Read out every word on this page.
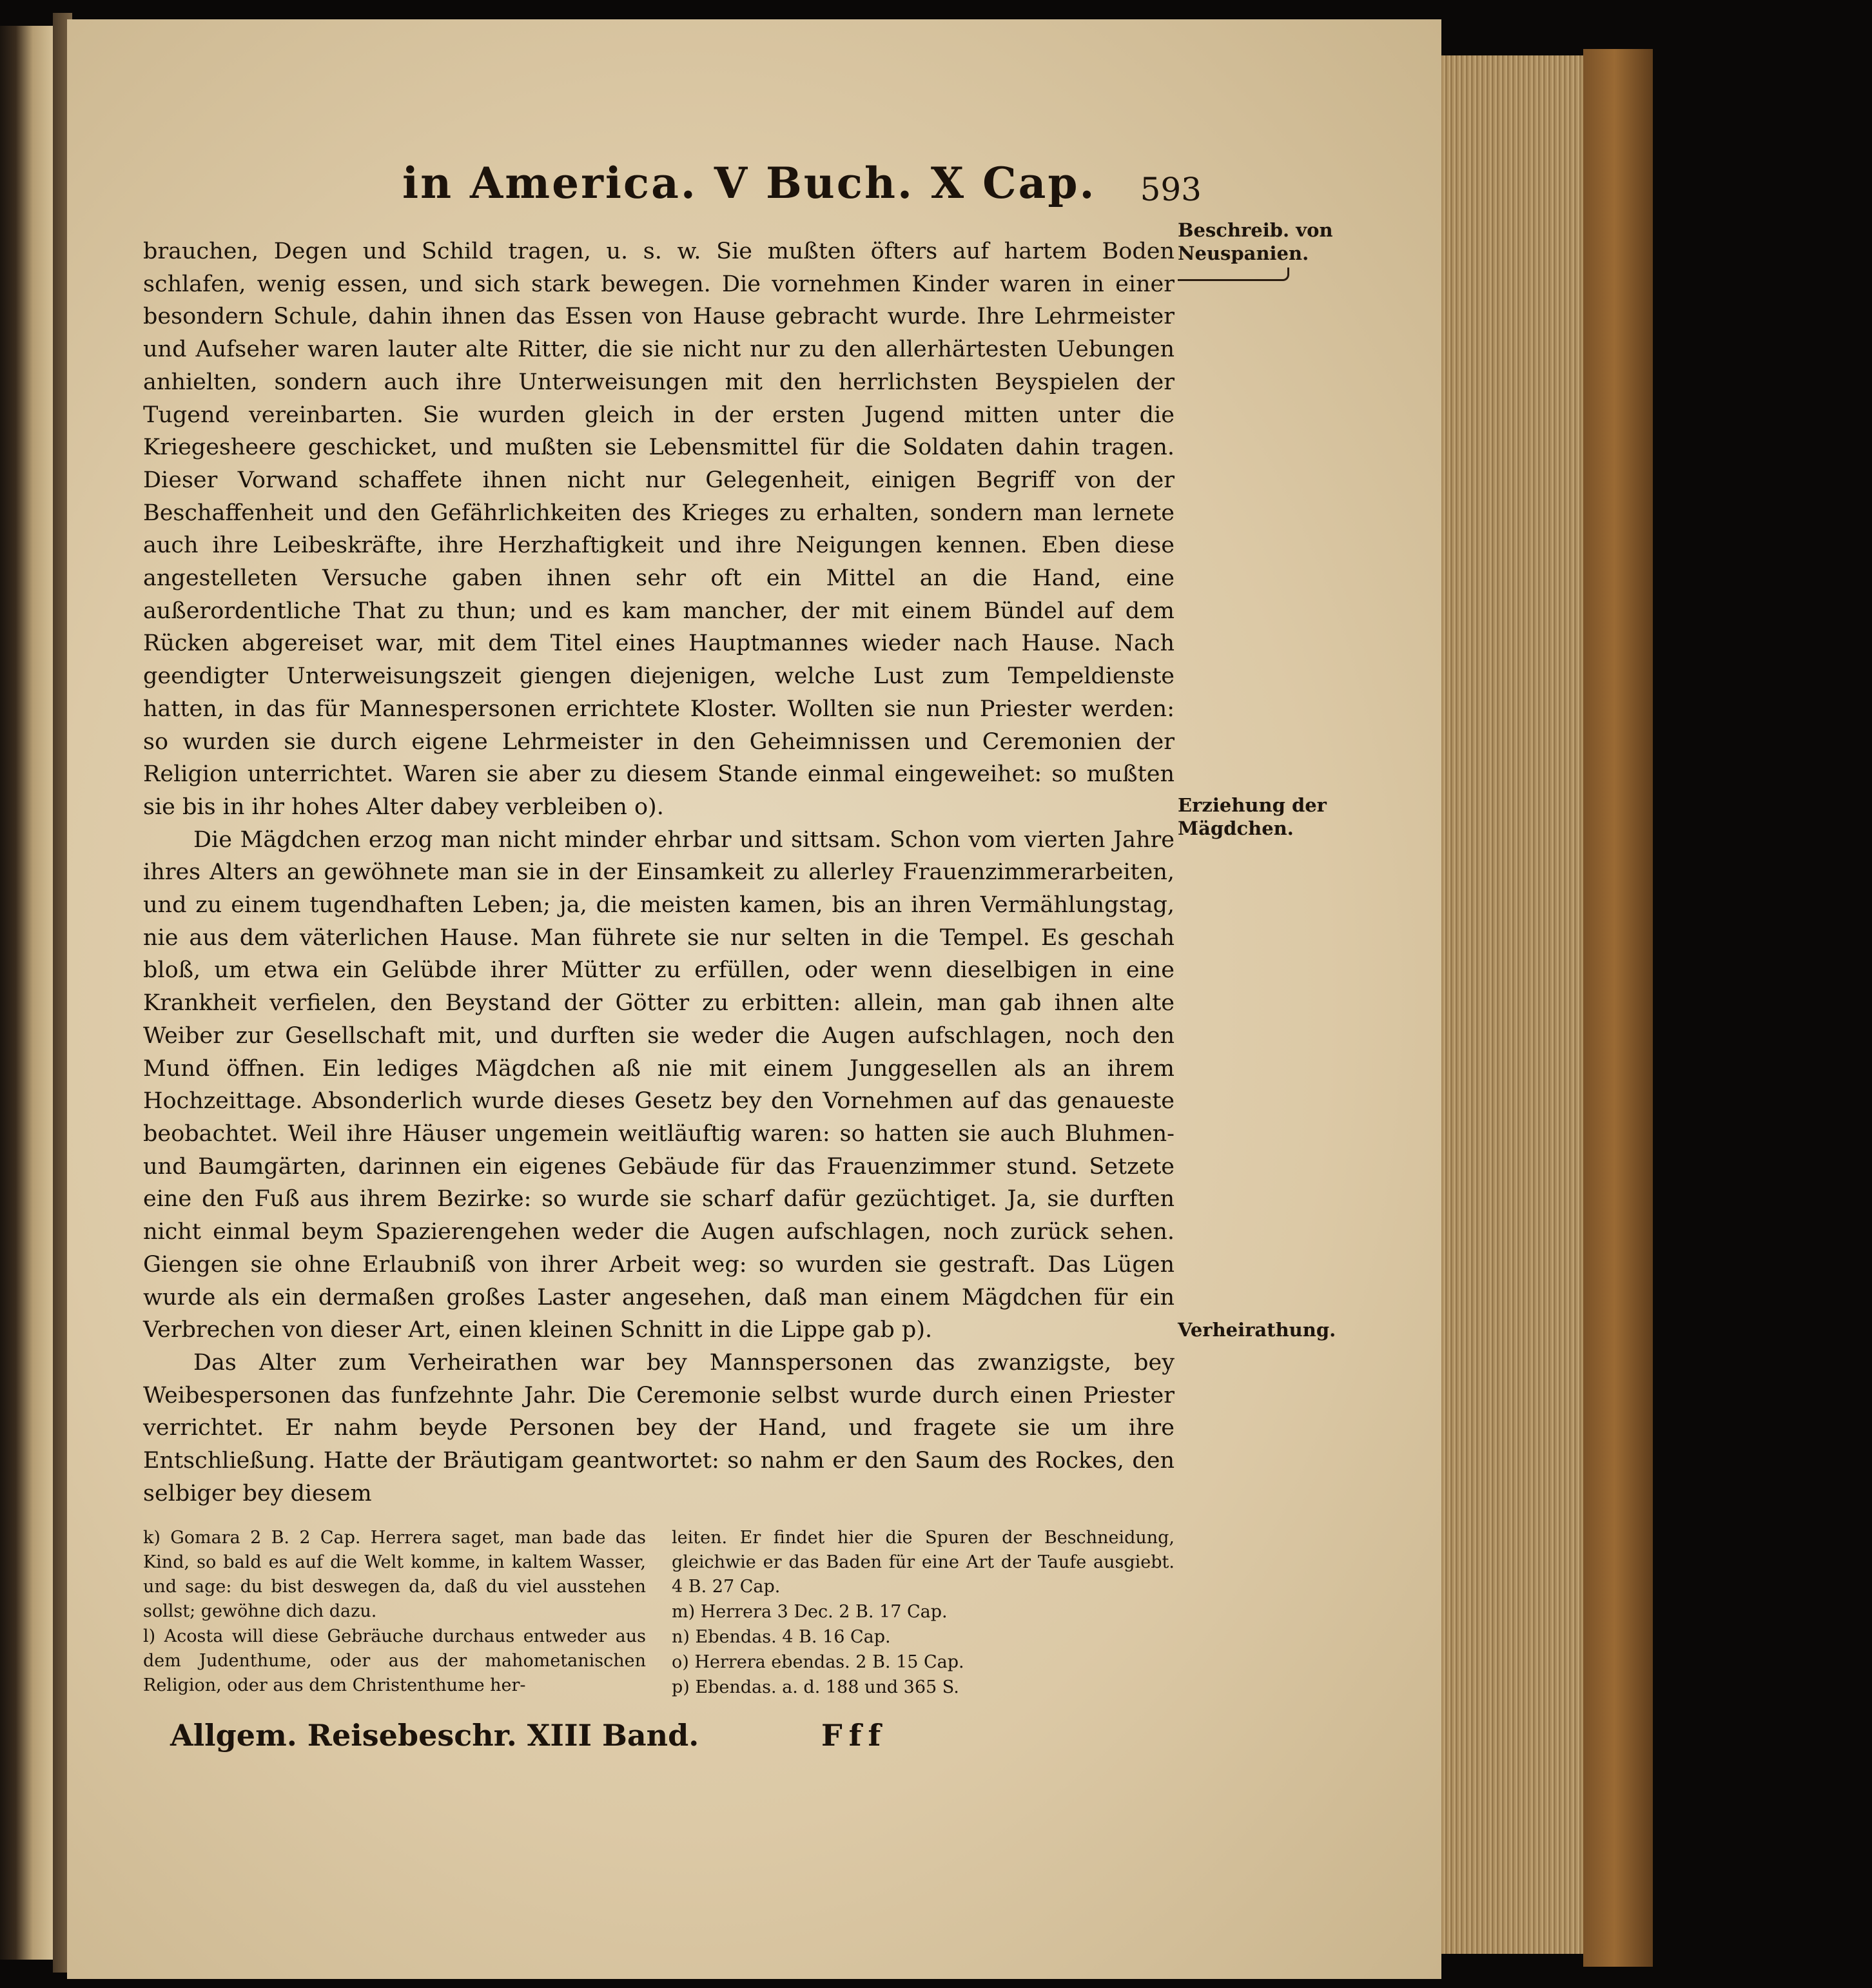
in America. V Buch. X Cap. 593

brauchen, Degen und Schild tragen, u. s. w. Sie mußten öfters auf hartem Boden schlafen, wenig essen, und sich stark bewegen. Die vornehmen Kinder waren in einer besondern Schule, dahin ihnen das Essen von Hause gebracht wurde. Ihre Lehrmeister und Aufseher waren lauter alte Ritter, die sie nicht nur zu den allerhärtesten Uebungen anhielten, sondern auch ihre Unterweisungen mit den herrlichsten Beyspielen der Tugend vereinbarten. Sie wurden gleich in der ersten Jugend mitten unter die Kriegesheere geschicket, und mußten sie Lebensmittel für die Soldaten dahin tragen. Dieser Vorwand schaffete ihnen nicht nur Gelegenheit, einigen Begriff von der Beschaffenheit und den Gefährlichkeiten des Krieges zu erhalten, sondern man lernete auch ihre Leibeskräfte, ihre Herzhaftigkeit und ihre Neigungen kennen. Eben diese angestelleten Versuche gaben ihnen sehr oft ein Mittel an die Hand, eine außerordentliche That zu thun; und es kam mancher, der mit einem Bündel auf dem Rücken abgereiset war, mit dem Titel eines Hauptmannes wieder nach Hause. Nach geendigter Unterweisungszeit giengen diejenigen, welche Lust zum Tempeldienste hatten, in das für Mannespersonen errichtete Kloster. Wollten sie nun Priester werden: so wurden sie durch eigene Lehrmeister in den Geheimnissen und Ceremonien der Religion unterrichtet. Waren sie aber zu diesem Stande einmal eingeweihet: so mußten sie bis in ihr hohes Alter dabey verbleiben o).

Die Mägdchen erzog man nicht minder ehrbar und sittsam. Schon vom vierten Jahre ihres Alters an gewöhnete man sie in der Einsamkeit zu allerley Frauenzimmerarbeiten, und zu einem tugendhaften Leben; ja, die meisten kamen, bis an ihren Vermählungstag, nie aus dem väterlichen Hause. Man führete sie nur selten in die Tempel. Es geschah bloß, um etwa ein Gelübde ihrer Mütter zu erfüllen, oder wenn dieselbigen in eine Krankheit verfielen, den Beystand der Götter zu erbitten: allein, man gab ihnen alte Weiber zur Gesellschaft mit, und durften sie weder die Augen aufschlagen, noch den Mund öffnen. Ein lediges Mägdchen aß nie mit einem Junggesellen als an ihrem Hochzeittage. Absonderlich wurde dieses Gesetz bey den Vornehmen auf das genaueste beobachtet. Weil ihre Häuser ungemein weitläuftig waren: so hatten sie auch Bluhmen- und Baumgärten, darinnen ein eigenes Gebäude für das Frauenzimmer stund. Setzete eine den Fuß aus ihrem Bezirke: so wurde sie scharf dafür gezüchtiget. Ja, sie durften nicht einmal beym Spazierengehen weder die Augen aufschlagen, noch zurück sehen. Giengen sie ohne Erlaubniß von ihrer Arbeit weg: so wurden sie gestraft. Das Lügen wurde als ein dermaßen großes Laster angesehen, daß man einem Mägdchen für ein Verbrechen von dieser Art, einen kleinen Schnitt in die Lippe gab p).

Das Alter zum Verheirathen war bey Mannspersonen das zwanzigste, bey Weibespersonen das funfzehnte Jahr. Die Ceremonie selbst wurde durch einen Priester verrichtet. Er nahm beyde Personen bey der Hand, und fragete sie um ihre Entschließung. Hatte der Bräutigam geantwortet: so nahm er den Saum des Rockes, den selbiger bey diesem

Beschreib. von Neuspanien.
Erziehung der Mägdchen.
Verheirathung.

k) Gomara 2 B. 2 Cap. Herrera saget, man bade das Kind, so bald es auf die Welt komme, in kaltem Wasser, und sage: du bist deswegen da, daß du viel ausstehen sollst; gewöhne dich dazu.

l) Acosta will diese Gebräuche durchaus entweder aus dem Judenthume, oder aus der mahometanischen Religion, oder aus dem Christenthume her-

leiten. Er findet hier die Spuren der Beschneidung, gleichwie er das Baden für eine Art der Taufe ausgiebt. 4 B. 27 Cap.

m) Herrera 3 Dec. 2 B. 17 Cap.

n) Ebendas. 4 B. 16 Cap.

o) Herrera ebendas. 2 B. 15 Cap.

p) Ebendas. a. d. 188 und 365 S.

Allgem. Reisebeschr. XIII Band.	Fff
